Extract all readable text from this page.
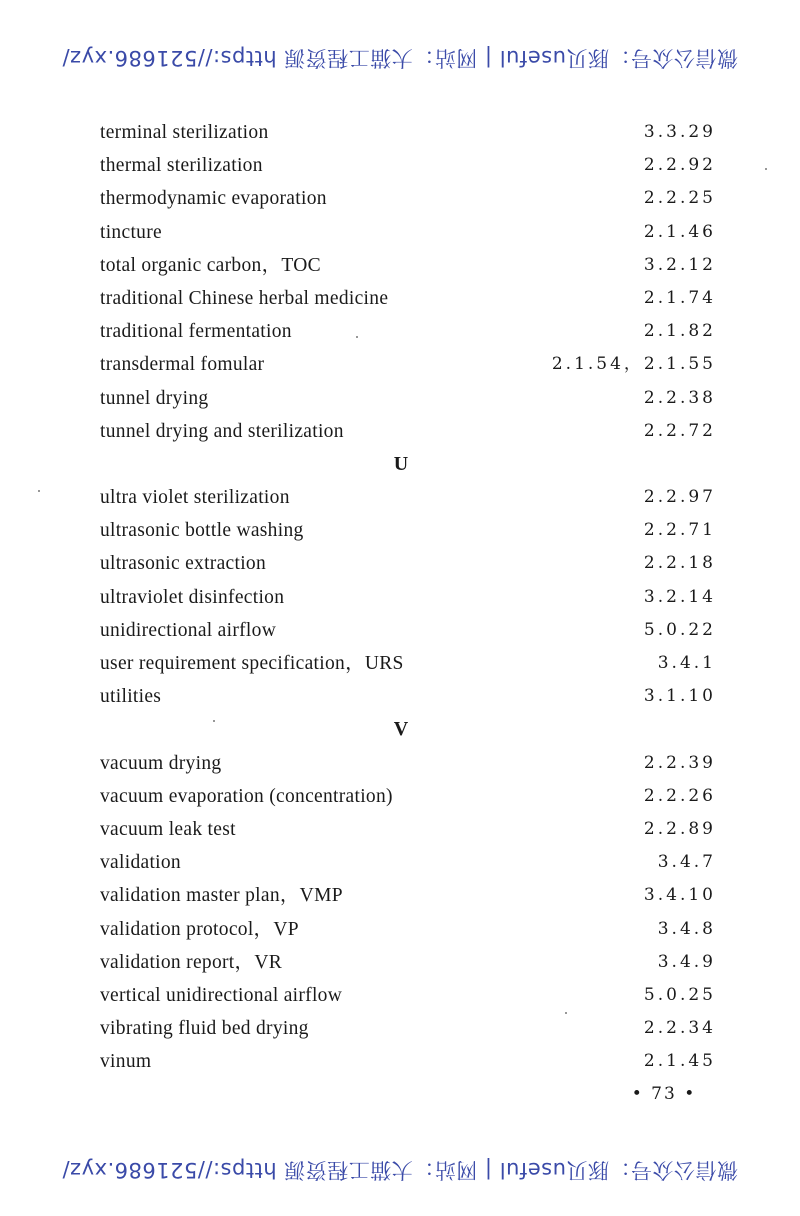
微信公众号：豚贝useful | 网站：大猫工程资源 https://521686.xyz/
terminal sterilization	3.3.29
thermal sterilization	2.2.92
thermodynamic evaporation	2.2.25
tincture	2.1.46
total organic carbon，TOC	3.2.12
traditional Chinese herbal medicine	2.1.74
traditional fermentation	2.1.82
transdermal fomular	2.1.54，2.1.55
tunnel drying	2.2.38
tunnel drying and sterilization	2.2.72
U
ultra violet sterilization	2.2.97
ultrasonic bottle washing	2.2.71
ultrasonic extraction	2.2.18
ultraviolet disinfection	3.2.14
unidirectional airflow	5.0.22
user requirement specification，URS	3.4.1
utilities	3.1.10
V
vacuum drying	2.2.39
vacuum evaporation (concentration)	2.2.26
vacuum leak test	2.2.89
validation	3.4.7
validation master plan，VMP	3.4.10
validation protocol，VP	3.4.8
validation report，VR	3.4.9
vertical unidirectional airflow	5.0.25
vibrating fluid bed drying	2.2.34
vinum	2.1.45
• 73 •
微信公众号：豚贝useful | 网站：大猫工程资源 https://521686.xyz/
